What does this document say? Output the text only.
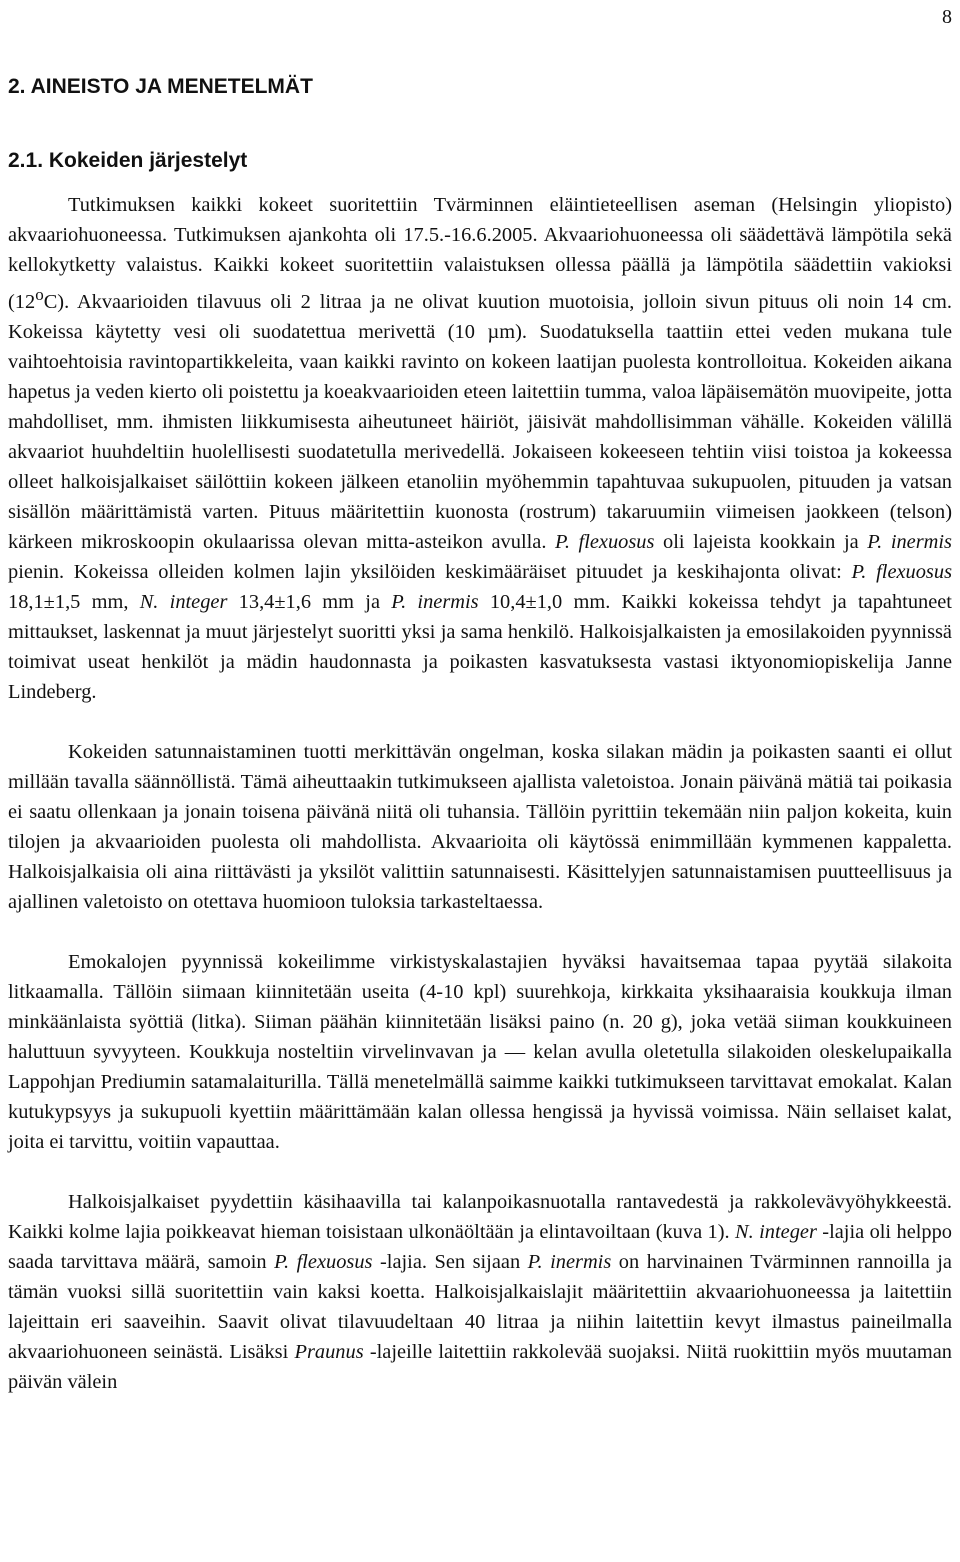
8
2. AINEISTO JA MENETELMÄT
2.1. Kokeiden järjestelyt

Tutkimuksen kaikki kokeet suoritettiin Tvärminnen eläintieteellisen aseman (Helsingin yliopisto) akvaariohuoneessa. Tutkimuksen ajankohta oli 17.5.-16.6.2005. Akvaariohuoneessa oli säädettävä lämpötila sekä kellokytketty valaistus. Kaikki kokeet suoritettiin valaistuksen ollessa päällä ja lämpötila säädettiin vakioksi (12$^o$C). Akvaarioiden tilavuus oli 2 litraa ja ne olivat kuution muotoisia, jolloin sivun pituus oli noin 14 cm. Kokeissa käytetty vesi oli suodatettua merivettä (10 µm). Suodatuksella taattiin ettei veden mukana tule vaihtoehtoisia ravintopartikkeleita, vaan kaikki ravinto on kokeen laatijan puolesta kontrolloitua. Kokeiden aikana hapetus ja veden kierto oli poistettu ja koeakvaarioiden eteen laitettiin tumma, valoa läpäisemätön muovipeite, jotta mahdolliset, mm. ihmisten liikkumisesta aiheutuneet häiriöt, jäisivät mahdollisimman vähälle. Kokeiden välillä akvaariot huuhdeltiin huolellisesti suodatetulla merivedellä. Jokaiseen kokeeseen tehtiin viisi toistoa ja kokeessa olleet halkoisjalkaiset säilöttiin kokeen jälkeen etanoliin myöhemmin tapahtuvaa sukupuolen, pituuden ja vatsan sisällön määrittämistä varten. Pituus määritettiin kuonosta (rostrum) takaruumiin viimeisen jaokkeen (telson) kärkeen mikroskoopin okulaarissa olevan mitta-asteikon avulla. P. flexuosus oli lajeista kookkain ja P. inermis pienin. Kokeissa olleiden kolmen lajin yksilöiden keskimääräiset pituudet ja keskihajonta olivat: P. flexuosus 18,1±1,5 mm, N. integer 13,4±1,6 mm ja P. inermis 10,4±1,0 mm. Kaikki kokeissa tehdyt ja tapahtuneet mittaukset, laskennat ja muut järjestelyt suoritti yksi ja sama henkilö. Halkoisjalkaisten ja emosilakoiden pyynnissä toimivat useat henkilöt ja mädin haudonnasta ja poikasten kasvatuksesta vastasi iktyonomiopiskelija Janne Lindeberg.

Kokeiden satunnaistaminen tuotti merkittävän ongelman, koska silakan mädin ja poikasten saanti ei ollut millään tavalla säännöllistä. Tämä aiheuttaakin tutkimukseen ajallista valetoistoa. Jonain päivänä mätiä tai poikasia ei saatu ollenkaan ja jonain toisena päivänä niitä oli tuhansia. Tällöin pyrittiin tekemään niin paljon kokeita, kuin tilojen ja akvaarioiden puolesta oli mahdollista. Akvaarioita oli käytössä enimmillään kymmenen kappaletta. Halkoisjalkaisia oli aina riittävästi ja yksilöt valittiin satunnaisesti. Käsittelyjen satunnaistamisen puutteellisuus ja ajallinen valetoisto on otettava huomioon tuloksia tarkasteltaessa.

Emokalojen pyynnissä kokeilimme virkistyskalastajien hyväksi havaitsemaa tapaa pyytää silakoita litkaamalla. Tällöin siimaan kiinnitetään useita (4-10 kpl) suurehkoja, kirkkaita yksihaaraisia koukkuja ilman minkäänlaista syöttiä (litka). Siiman päähän kiinnitetään lisäksi paino (n. 20 g), joka vetää siiman koukkuineen haluttuun syvyyteen. Koukkuja nosteltiin virvelinvavan ja — kelan avulla oletetulla silakoiden oleskelupaikalla Lappohjan Prediumin satamalaiturilla. Tällä menetelmällä saimme kaikki tutkimukseen tarvittavat emokalat. Kalan kutukypsyys ja sukupuoli kyettiin määrittämään kalan ollessa hengissä ja hyvissä voimissa. Näin sellaiset kalat, joita ei tarvittu, voitiin vapauttaa.

Halkoisjalkaiset pyydettiin käsihaavilla tai kalanpoikasnuotalla rantavedestä ja rakkolevävyöhykkeestä. Kaikki kolme lajia poikkeavat hieman toisistaan ulkonäöltään ja elintavoiltaan (kuva 1). N. integer -lajia oli helppo saada tarvittava määrä, samoin P. flexuosus -lajia. Sen sijaan P. inermis on harvinainen Tvärminnen rannoilla ja tämän vuoksi sillä suoritettiin vain kaksi koetta. Halkoisjalkaislajit määritettiin akvaariohuoneessa ja laitettiin lajeittain eri saaveihin. Saavit olivat tilavuudeltaan 40 litraa ja niihin laitettiin kevyt ilmastus paineilmalla akvaariohuoneen seinästä. Lisäksi Praunus -lajeille laitettiin rakkolevää suojaksi. Niitä ruokittiin myös muutaman päivän välein
